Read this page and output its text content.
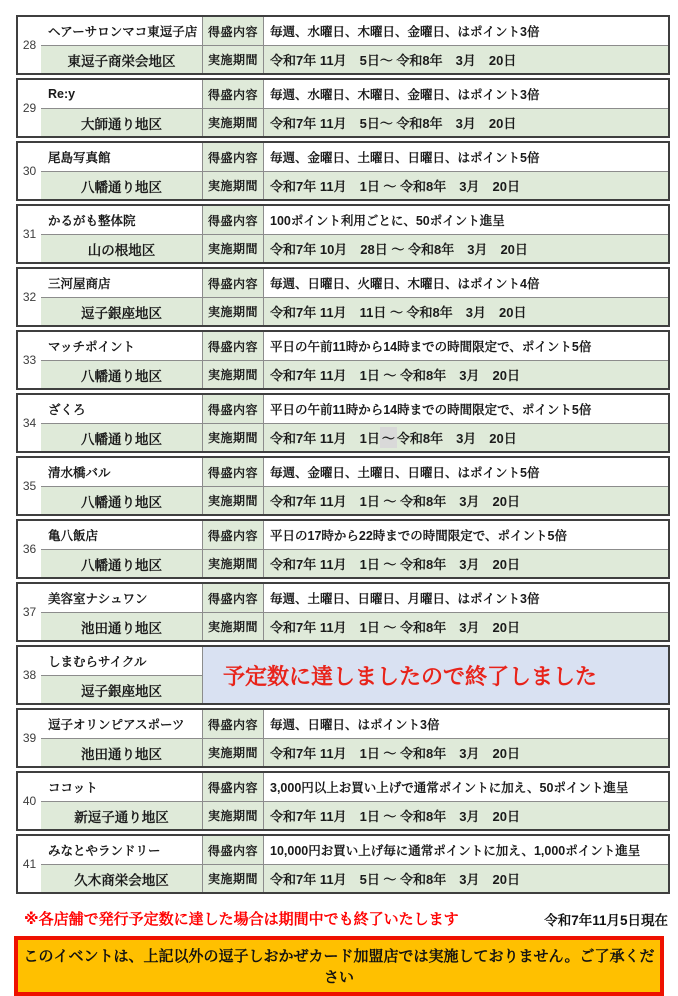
28
ヘアーサロンマコ東逗子店
東逗子商栄会地区
得盛内容 毎週、水曜日、木曜日、金曜日、はポイント3倍
実施期間 令和7年 11月　5日～ 令和8年　3月　20日
29
Re:y
大師通り地区
得盛内容 毎週、水曜日、木曜日、金曜日、はポイント3倍
実施期間 令和7年 11月　5日～ 令和8年　3月　20日
30
尾島写真館
八幡通り地区
得盛内容 毎週、金曜日、土曜日、日曜日、はポイント5倍
実施期間 令和7年 11月　1日 ～ 令和8年　3月　20日
31
かるがも整体院
山の根地区
得盛内容 100ポイント利用ごとに、50ポイント進呈
実施期間 令和7年 10月　28日 ～ 令和8年　3月　20日
32
三河屋商店
逗子銀座地区
得盛内容 毎週、日曜日、火曜日、木曜日、はポイント4倍
実施期間 令和7年 11月　11日 ～ 令和8年　3月　20日
33
マッチポイント
八幡通り地区
得盛内容 平日の午前11時から14時までの時間限定で、ポイント5倍
実施期間 令和7年 11月　1日 ～ 令和8年　3月　20日
34
ざくろ
八幡通り地区
得盛内容 平日の午前11時から14時までの時間限定で、ポイント5倍
実施期間 令和7年 11月　1日 ～ 令和8年　3月　20日
35
清水橋バル
八幡通り地区
得盛内容 毎週、金曜日、土曜日、日曜日、はポイント5倍
実施期間 令和7年 11月　1日 ～ 令和8年　3月　20日
36
亀八飯店
八幡通り地区
得盛内容 平日の17時から22時までの時間限定で、ポイント5倍
実施期間 令和7年 11月　1日 ～ 令和8年　3月　20日
37
美容室ナシュワン
池田通り地区
得盛内容 毎週、土曜日、日曜日、月曜日、はポイント3倍
実施期間 令和7年 11月　1日 ～ 令和8年　3月　20日
38
しまむらサイクル
逗子銀座地区
予定数に達しましたので終了しました
39
逗子オリンピアスポーツ
池田通り地区
得盛内容 毎週、日曜日、はポイント3倍
実施期間 令和7年 11月　1日 ～ 令和8年　3月　20日
40
ココット
新逗子通り地区
得盛内容 3,000円以上お買い上げで通常ポイントに加え、50ポイント進呈
実施期間 令和7年 11月　1日 ～ 令和8年　3月　20日
41
みなとやランドリー
久木商栄会地区
得盛内容 10,000円お買い上げ毎に通常ポイントに加え、1,000ポイント進呈
実施期間 令和7年 11月　5日 ～ 令和8年　3月　20日
※各店舗で発行予定数に達した場合は期間中でも終了いたします	令和7年11月5日現在
このイベントは、上記以外の逗子しおかぜカード加盟店では実施しておりません。ご了承ください
